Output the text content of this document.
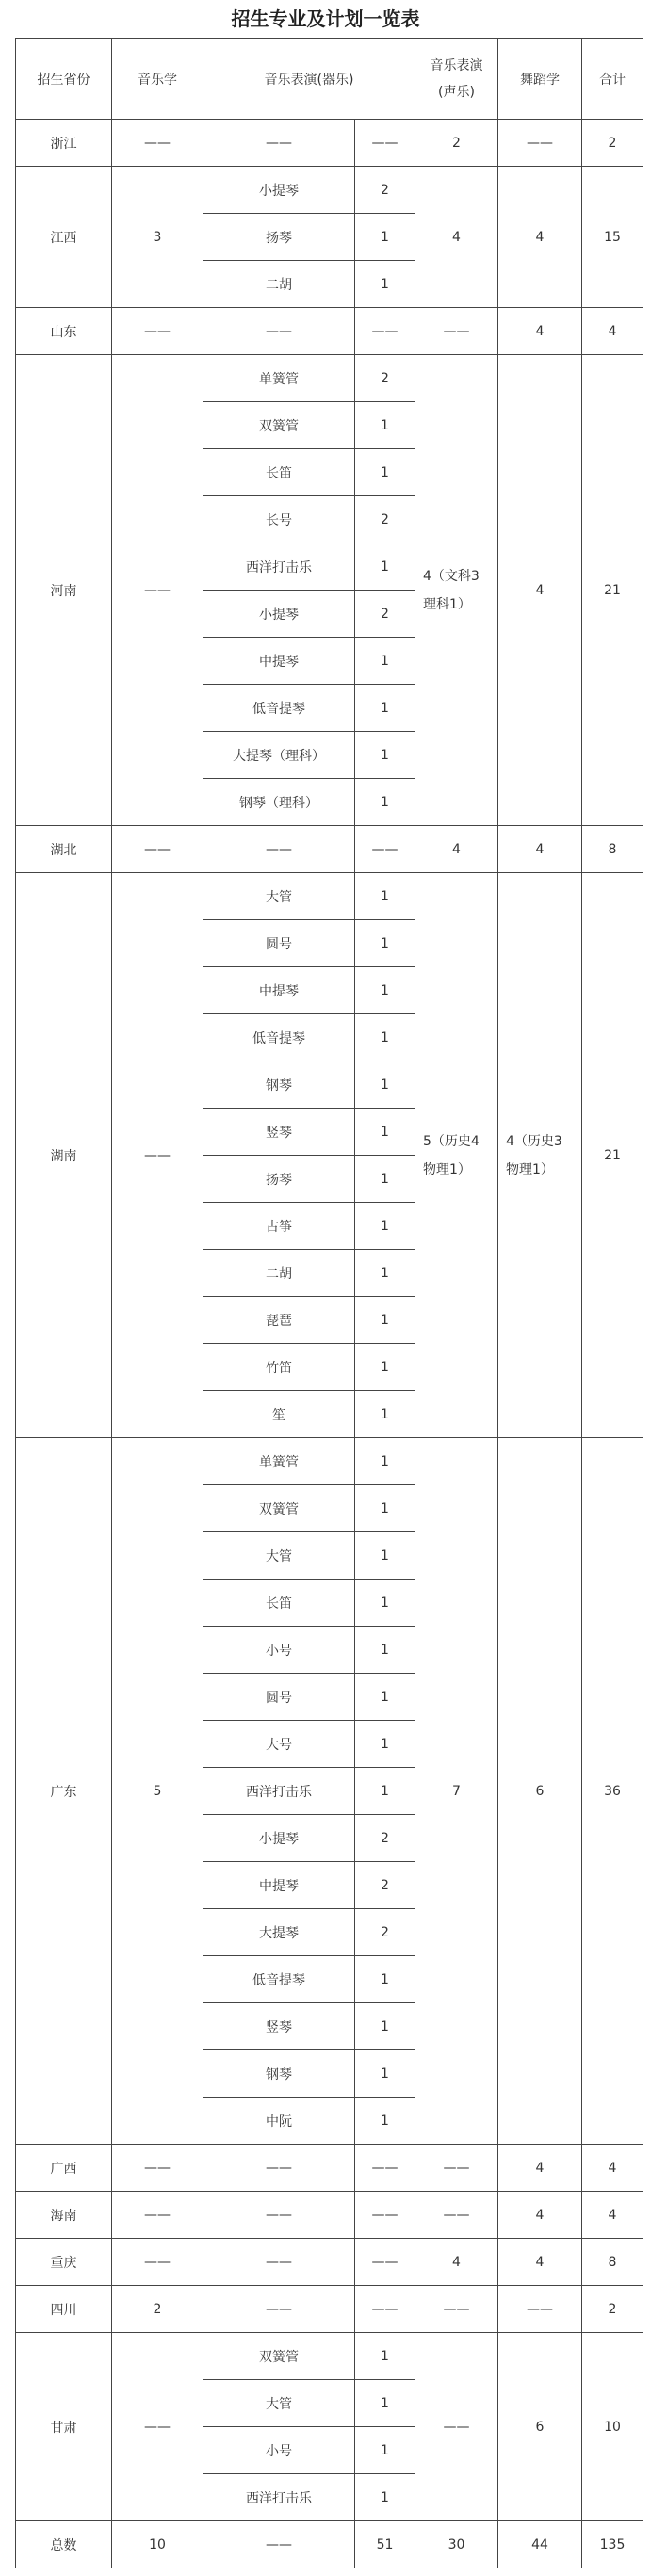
招生专业及计划一览表
招生省份	音乐学	音乐表演(器乐)		音乐表演(声乐)	舞蹈学	合计
浙江	——	——	——	2	——	2
江西	3	小提琴	2	4	4	15
		扬琴	1			
		二胡	1			
山东	——	——	——	——	4	4
河南	——	单簧管	2	4（文科3理科1）	4	21
		双簧管	1			
		长笛	1			
		长号	2			
		西洋打击乐	1			
		小提琴	2			
		中提琴	1			
		低音提琴	1			
		大提琴（理科）	1			
		钢琴（理科）	1			
湖北	——	——	——	4	4	8
湖南	——	大管	1	5（历史4物理1）	4（历史3物理1）	21
		圆号	1			
		中提琴	1			
		低音提琴	1			
		钢琴	1			
		竖琴	1			
		扬琴	1			
		古筝	1			
		二胡	1			
		琵琶	1			
		竹笛	1			
		笙	1			
广东	5	单簧管	1	7	6	36
		双簧管	1			
		大管	1			
		长笛	1			
		小号	1			
		圆号	1			
		大号	1			
		西洋打击乐	1			
		小提琴	2			
		中提琴	2			
		大提琴	2			
		低音提琴	1			
		竖琴	1			
		钢琴	1			
		中阮	1			
广西	——	——	——	——	4	4
海南	——	——	——	——	4	4
重庆	——	——	——	4	4	8
四川	2	——	——	——	——	2
甘肃	——	双簧管	1	——	6	10
		大管	1			
		小号	1			
		西洋打击乐	1			
总数	10	——	51	30	44	135
